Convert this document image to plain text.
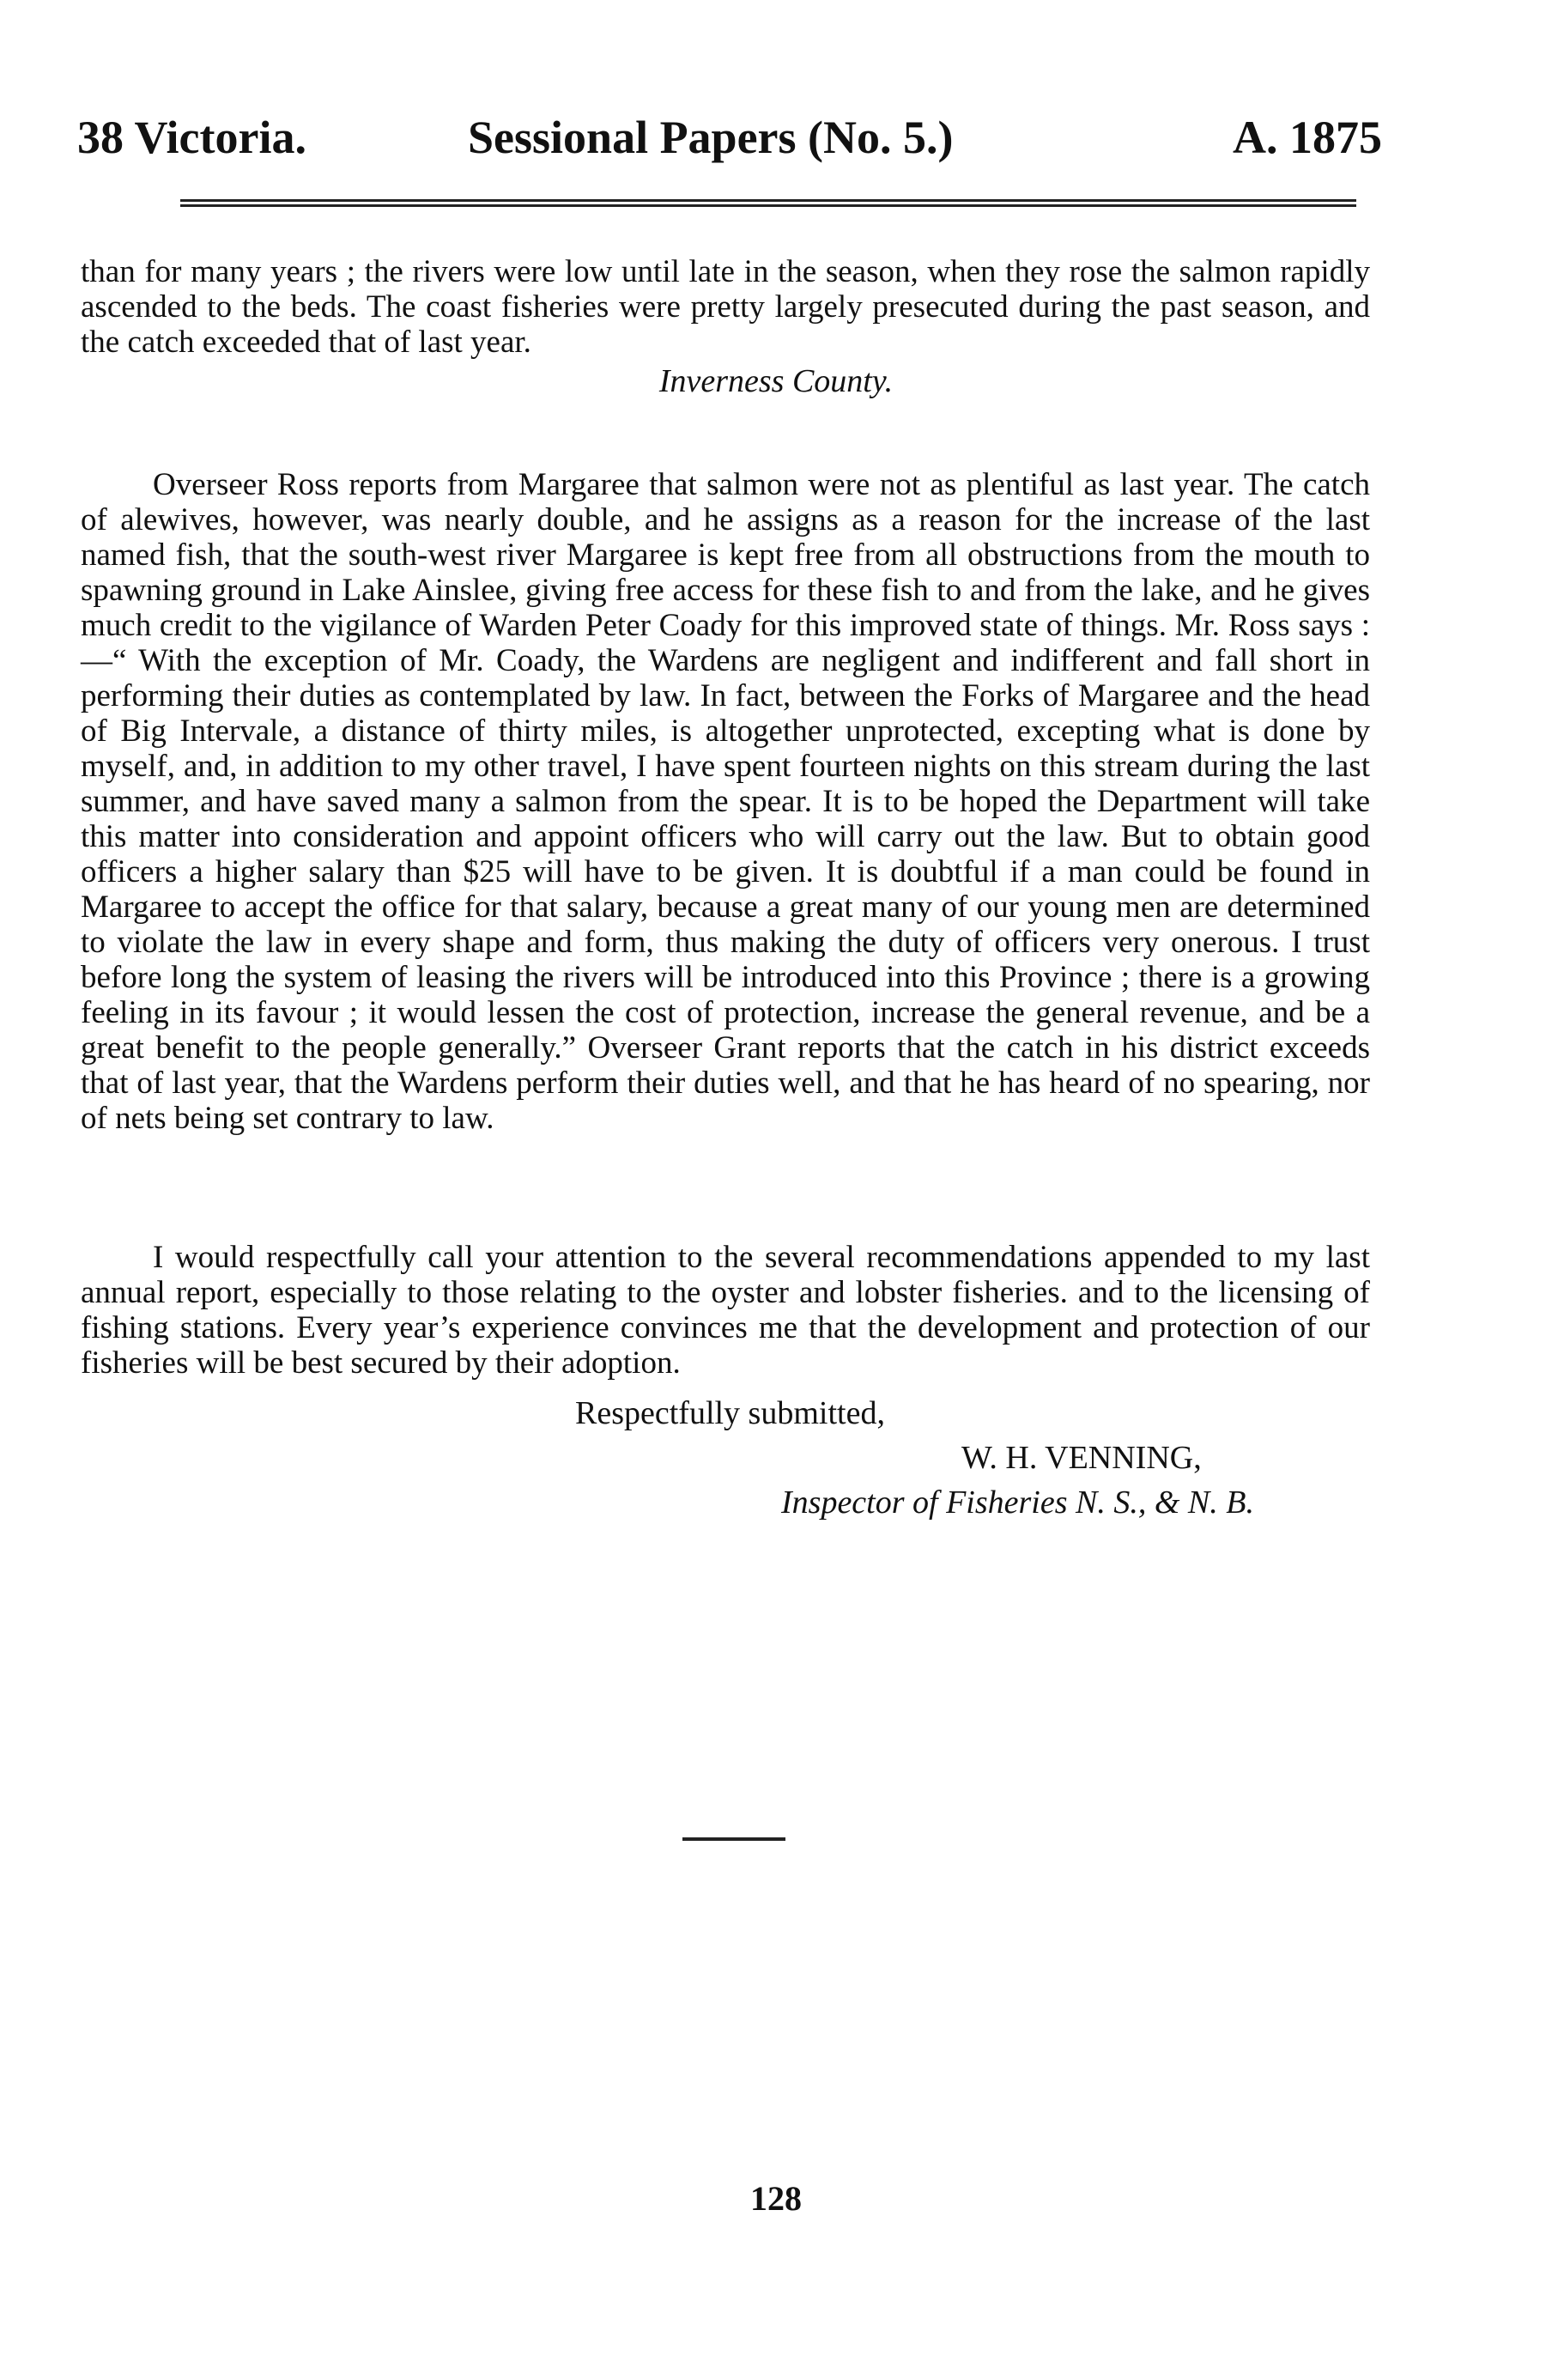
38 Victoria.	Sessional Papers (No. 5.)	A. 1875

than for many years ; the rivers were low until late in the season, when they rose the salmon rapidly ascended to the beds. The coast fisheries were pretty largely presecuted during the past season, and the catch exceeded that of last year.

Inverness County.

Overseer Ross reports from Margaree that salmon were not as plentiful as last year. The catch of alewives, however, was nearly double, and he assigns as a reason for the increase of the last named fish, that the south-west river Margaree is kept free from all obstructions from the mouth to spawning ground in Lake Ainslee, giving free access for these fish to and from the lake, and he gives much credit to the vigilance of Warden Peter Coady for this improved state of things. Mr. Ross says :—“ With the exception of Mr. Coady, the Wardens are negligent and indifferent and fall short in performing their duties as contemplated by law. In fact, between the Forks of Margaree and the head of Big Intervale, a distance of thirty miles, is altogether unprotected, excepting what is done by myself, and, in addition to my other travel, I have spent fourteen nights on this stream during the last summer, and have saved many a salmon from the spear. It is to be hoped the Department will take this matter into consideration and appoint officers who will carry out the law. But to obtain good officers a higher salary than $25 will have to be given. It is doubtful if a man could be found in Margaree to accept the office for that salary, because a great many of our young men are determined to violate the law in every shape and form, thus making the duty of officers very onerous. I trust before long the system of leasing the rivers will be introduced into this Province ; there is a growing feeling in its favour ; it would lessen the cost of protection, increase the general revenue, and be a great benefit to the people generally.” Overseer Grant reports that the catch in his district exceeds that of last year, that the Wardens perform their duties well, and that he has heard of no spearing, nor of nets being set contrary to law.

I would respectfully call your attention to the several recommendations appended to my last annual report, especially to those relating to the oyster and lobster fisheries. and to the licensing of fishing stations. Every year’s experience convinces me that the development and protection of our fisheries will be best secured by their adoption.

Respectfully submitted,
W. H. VENNING,
Inspector of Fisheries N. S., & N. B.
128
